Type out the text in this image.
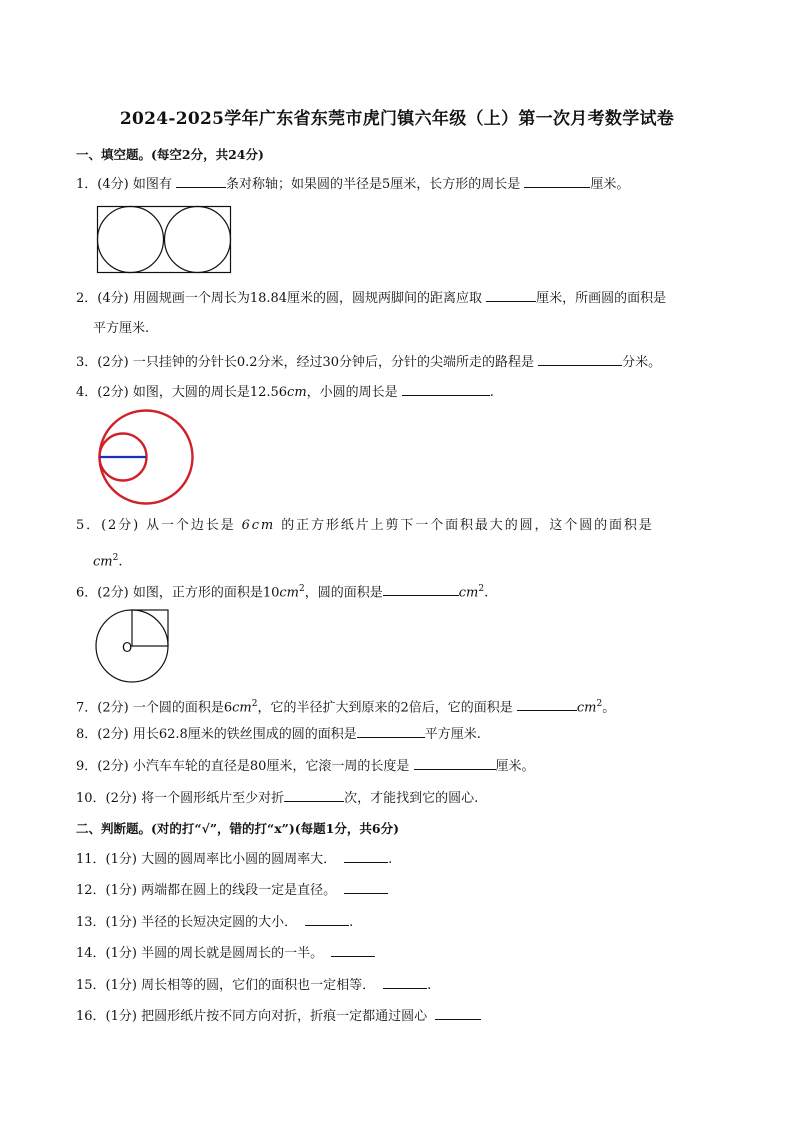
2024-2025学年广东省东莞市虎门镇六年级（上）第一次月考数学试卷
一、填空题。(每空2分，共24分)
1．(4分) 如图有	条对称轴；如果圆的半径是5厘米，长方形的周长是	厘米。
2．(4分) 用圆规画一个周长为18.84厘米的圆，圆规两脚间的距离应取	厘米，所画圆的面积是
平方厘米.
3．(2分) 一只挂钟的分针长0.2分米，经过30分钟后，分针的尖端所走的路程是	分米。
4．(2分) 如图，大圆的周长是12.56cm，小圆的周长是	.
5．(2分) 从一个边长是 6cm 的正方形纸片上剪下一个面积最大的圆，这个圆的面积是
$cm^2$.
6．(2分) 如图，正方形的面积是$10cm^2$，圆的面积是	$cm^2$.
O
7．(2分) 一个圆的面积是$6cm^2$，它的半径扩大到原来的2倍后，它的面积是	$cm^2$。
8．(2分) 用长62.8厘米的铁丝围成的圆的面积是	平方厘米.
9．(2分) 小汽车车轮的直径是80厘米，它滚一周的长度是	厘米。
10．(2分) 将一个圆形纸片至少对折	次，才能找到它的圆心.
二、判断题。(对的打“√”，错的打“x”)(每题1分，共6分)
11．(1分) 大圆的圆周率比小圆的圆周率大．	.
12．(1分) 两端都在圆上的线段一定是直径。
13．(1分) 半径的长短决定圆的大小．	.
14．(1分) 半圆的周长就是圆周长的一半。
15．(1分) 周长相等的圆，它们的面积也一定相等．	.
16．(1分) 把圆形纸片按不同方向对折，折痕一定都通过圆心
